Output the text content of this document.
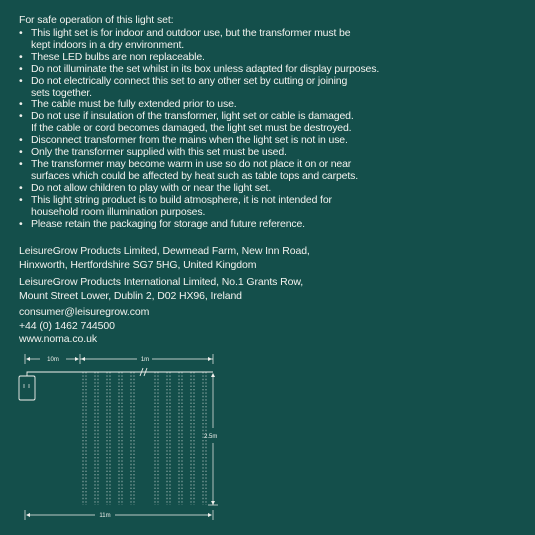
For safe operation of this light set:
• This light set is for indoor and outdoor use, but the transformer must be
kept indoors in a dry environment.
• These LED bulbs are non replaceable.
• Do not illuminate the set whilst in its box unless adapted for display purposes.
• Do not electrically connect this set to any other set by cutting or joining
sets together.
• The cable must be fully extended prior to use.
• Do not use if insulation of the transformer, light set or cable is damaged.
If the cable or cord becomes damaged, the light set must be destroyed.
• Disconnect transformer from the mains when the light set is not in use.
• Only the transformer supplied with this set must be used.
• The transformer may become warm in use so do not place it on or near
surfaces which could be affected by heat such as table tops and carpets.
• Do not allow children to play with or near the light set.
• This light string product is to build atmosphere, it is not intended for
household room illumination purposes.
• Please retain the packaging for storage and future reference.
LeisureGrow Products Limited, Dewmead Farm, New Inn Road,
Hinxworth, Hertfordshire SG7 5HG, United Kingdom
LeisureGrow Products International Limited, No.1 Grants Row,
Mount Street Lower, Dublin 2, D02 HX96, Ireland
consumer@leisuregrow.com
+44 (0) 1462 744500
www.noma.co.uk
10m	1m
2.5m
11m
